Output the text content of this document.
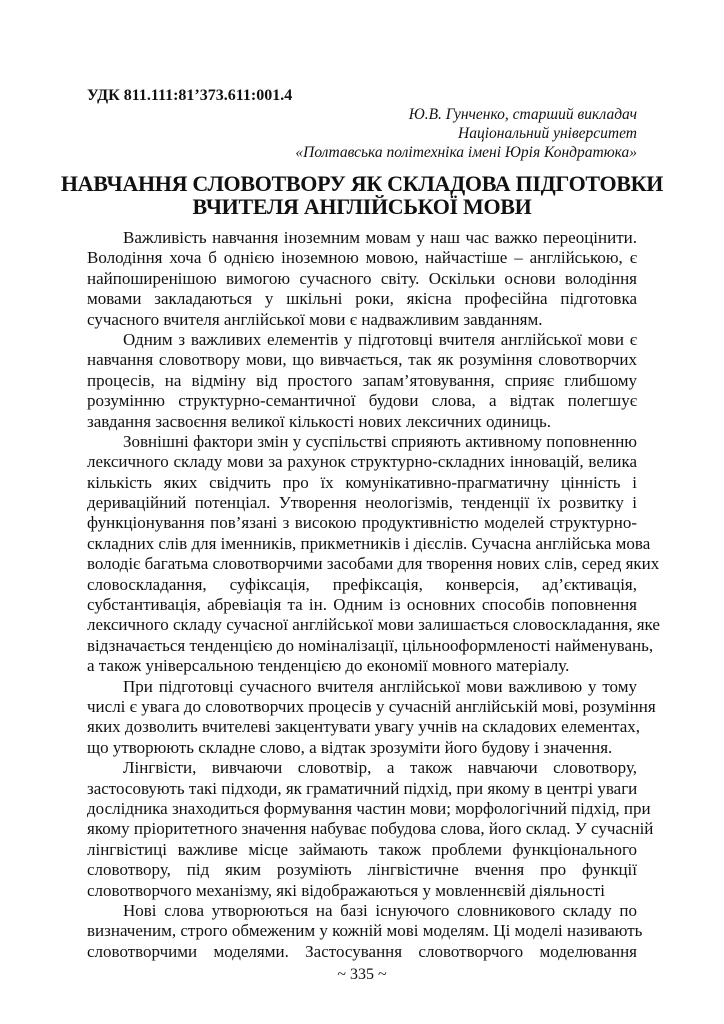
УДК 811.111:81’373.611:001.4
Ю.В. Гунченко, старший викладач
Національний університет
«Полтавська політехніка імені Юрія Кондратюка»
НАВЧАННЯ СЛОВОТВОРУ ЯК СКЛАДОВА ПІДГОТОВКИ
ВЧИТЕЛЯ АНГЛІЙСЬКОЇ МОВИ
Важливість навчання іноземним мовам у наш час важко переоцінити.
Володіння хоча б однією іноземною мовою, найчастіше – англійською, є
найпоширенішою вимогою сучасного світу. Оскільки основи володіння
мовами закладаються у шкільні роки, якісна професійна підготовка
сучасного вчителя англійської мови є надважливим завданням.
Одним з важливих елементів у підготовці вчителя англійської мови є
навчання словотвору мови, що вивчається, так як розуміння словотворчих
процесів, на відміну від простого запам’ятовування, сприяє глибшому
розумінню структурно-семантичної будови слова, а відтак полегшує
завдання засвоєння великої кількості нових лексичних одиниць.
Зовнішні фактори змін у суспільстві сприяють активному поповненню
лексичного складу мови за рахунок структурно-складних інновацій, велика
кількість яких свідчить про їх комунікативно-прагматичну цінність і
дериваційний потенціал. Утворення неологізмів, тенденції їх розвитку і
функціонування пов’язані з високою продуктивністю моделей структурно-
складних слів для іменників, прикметників і дієслів. Сучасна англійська мова
володіє багатьма словотворчими засобами для творення нових слів, серед яких
словоскладання, суфіксація, префіксація, конверсія, ад’єктивація,
субстантивація, абревіація та ін. Одним із основних способів поповнення
лексичного складу сучасної англійської мови залишається словоскладання, яке
відзначається тенденцією до номіналізації, цільнооформленості найменувань,
а також універсальною тенденцією до економії мовного матеріалу.
При підготовці сучасного вчителя англійської мови важливою у тому
числі є увага до словотворчих процесів у сучасній англійській мові, розуміння
яких дозволить вчителеві закцентувати увагу учнів на складових елементах,
що утворюють складне слово, а відтак зрозуміти його будову і значення.
Лінгвісти, вивчаючи словотвір, а також навчаючи словотвору,
застосовують такі підходи, як граматичний підхід, при якому в центрі уваги
дослідника знаходиться формування частин мови; морфологічний підхід, при
якому пріоритетного значення набуває побудова слова, його склад. У сучасній
лінгвістиці важливе місце займають також проблеми функціонального
словотвору, під яким розуміють лінгвістичне вчення про функції
словотворчого механізму, які відображаються у мовленнєвій діяльності
Нові слова утворюються на базі існуючого словникового складу по
визначеним, строго обмеженим у кожній мові моделям. Ці моделі називають
словотворчими моделями. Застосування словотворчого моделювання
~ 335 ~
